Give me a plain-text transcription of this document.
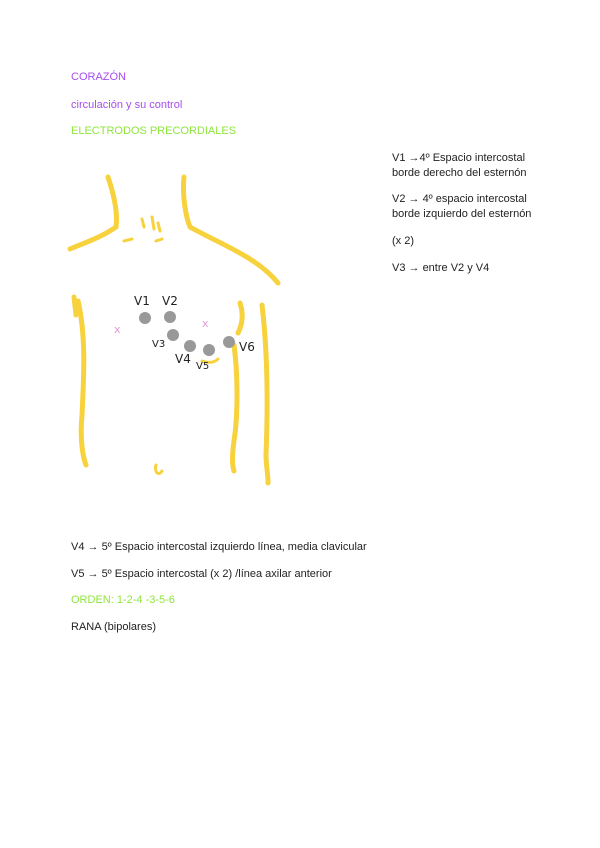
CORAZÓN
circulación y su control
ELECTRODOS PRECORDIALES
V1 →4º Espacio intercostal
borde derecho del esternón
V2 → 4º espacio intercostal
borde izquierdo del esternón
(x 2)
V3 → entre V2 y V4
x	x
V1 V2
V3
V4
V5
V6
V4 → 5º Espacio intercostal izquierdo línea, media clavicular
V5 → 5º Espacio intercostal (x 2) /línea axilar anterior
ORDEN: 1-2-4 -3-5-6
RANA (bipolares)
